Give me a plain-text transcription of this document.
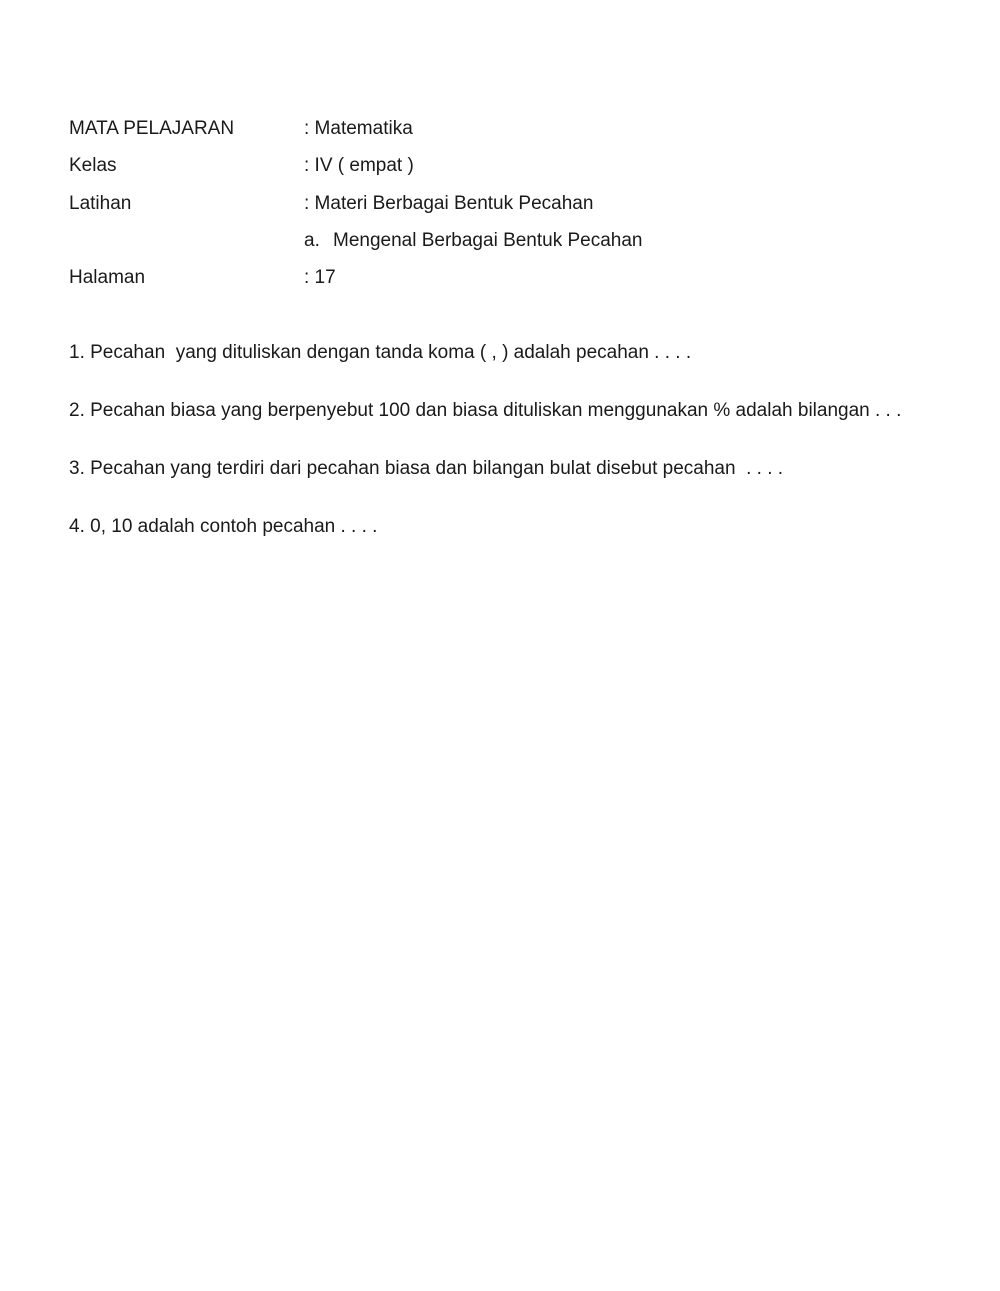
MATA PELAJARAN	: Matematika
Kelas	: IV ( empat )
Latihan	: Materi Berbagai Bentuk Pecahan
a. Mengenal Berbagai Bentuk Pecahan
Halaman	: 17
1. Pecahan  yang dituliskan dengan tanda koma ( , ) adalah pecahan . . . .
2. Pecahan biasa yang berpenyebut 100 dan biasa dituliskan menggunakan % adalah bilangan . . .
3. Pecahan yang terdiri dari pecahan biasa dan bilangan bulat disebut pecahan  . . . .
4. 0, 10 adalah contoh pecahan . . . .
